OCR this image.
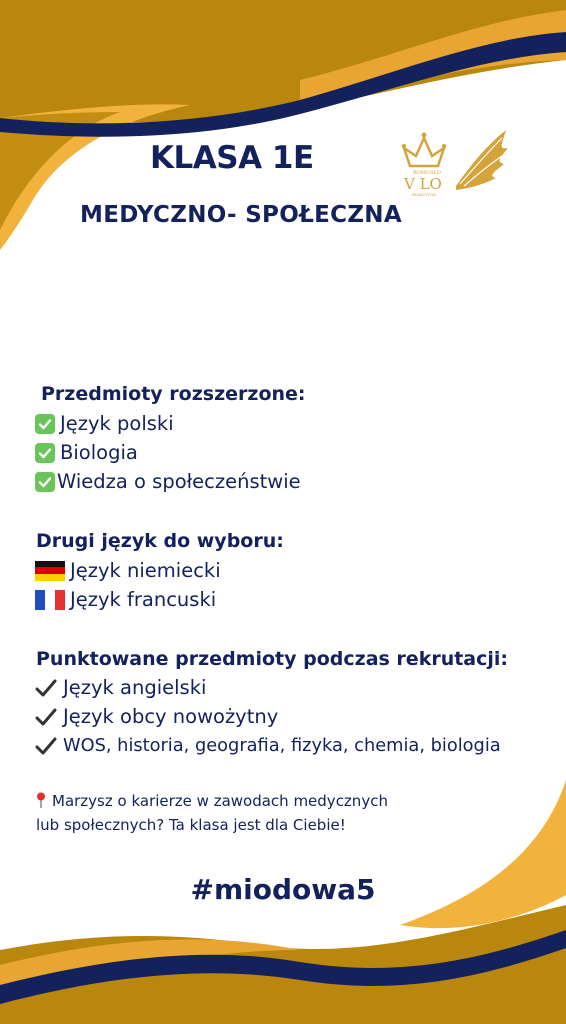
ROMUALD
V LO
BIAŁYSTOK
KLASA 1E
MEDYCZNO- SPOŁECZNA
Przedmioty rozszerzone:
Język polski
Biologia
Wiedza o społeczeństwie
Drugi język do wyboru:
Język niemiecki
Język francuski
Punktowane przedmioty podczas rekrutacji:
Język angielski
Język obcy nowożytny
WOS, historia, geografia, fizyka, chemia, biologia
Marzysz o karierze w zawodach medycznych
lub społecznych? Ta klasa jest dla Ciebie!
#miodowa5
